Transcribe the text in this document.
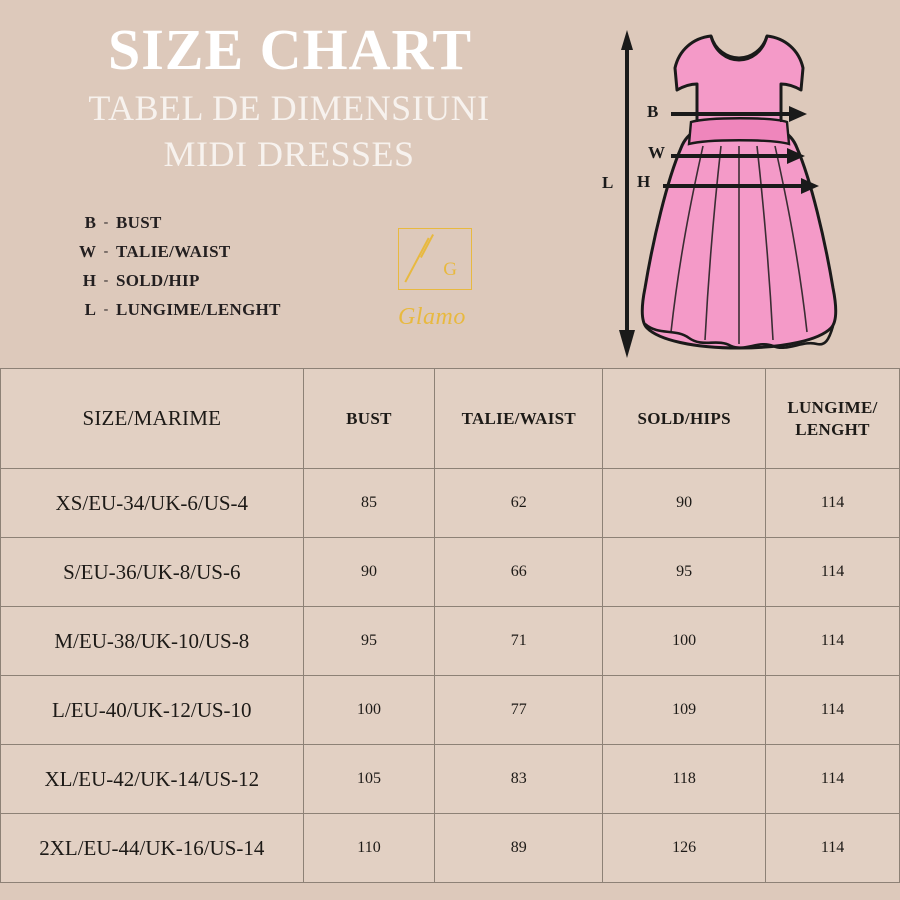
SIZE CHART
TABEL DE DIMENSIUNI
MIDI DRESSES
B - BUST
W - TALIE/WAIST
H - SOLD/HIP
L - LUNGIME/LENGHT
G
Glamo
B
W
H
L
SIZE/MARIME	BUST	TALIE/WAIST	SOLD/HIPS	LUNGIME/
LENGHT

XS/EU-34/UK-6/US-4	85	62	90	114
S/EU-36/UK-8/US-6	90	66	95	114
M/EU-38/UK-10/US-8	95	71	100	114
L/EU-40/UK-12/US-10	100	77	109	114
XL/EU-42/UK-14/US-12	105	83	118	114
2XL/EU-44/UK-16/US-14	110	89	126	114
